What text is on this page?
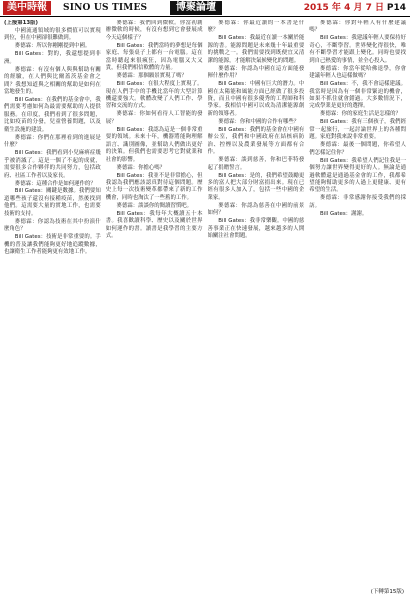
美中時報	SINO US TIMES	博聚論壇	2015 年 4 月 7 日 P14

(上接第13版)

中國流通領域的很多價值可以實現到位，但在中國卻很難做到。

麥德霖：所以你剛剛提到中國。

Bill Gates：對的，我還想提到非洲。

麥德霖：有沒有個人與與幫助有關的經驗，在人們與比爾蓋茨基金會之間？我想知道與之相關的幫助是如何在當地發生的。

Bill Gates：在我們的基金會中，我們需要考慮如何為最需要幫助的人提供服務。在印度，我們看到了很多問題，比如疫苗的分發，兒童營養問題，以及衛生設施的建設。

麥德霖：你們在那裡看到的進展是什麼？

Bill Gates：我們看到小兒麻痹症幾乎被消滅了。這是一個了不起的成就，需要很多合作夥伴的共同努力，包括政府、社區工作者以及家長。

麥德霖：這種合作是如何運作的？

Bill Gates：關鍵是數據。我們要知道哪些孩子還沒有接種疫苗，然後找到他們。這需要大量的實地工作，也需要技術的支持。

麥德霖：你認為技術在其中扮演什麼角色？

Bill Gates：技術是非常重要的。手機的普及讓我們能夠更好地追蹤數據，也讓衛生工作者能夠更有效地工作。

麥德霖：我們回到微軟。你當初創辦微軟的時候，有沒有想到它會發展成今天這個樣子？

Bill Gates：我們當時的夢想是每個家庭、每張桌子上都有一台電腦。這在當時聽起來很瘋狂，因為電腦又大又貴，但我們相信軟體的力量。

麥德霖：那個願景實現了嗎？

Bill Gates：在很大程度上實現了。現在人們手中的手機比當年的大型計算機還要強大。軟體改變了人們工作、學習和交流的方式。

麥德霖：你如何看待人工智能的發展？

Bill Gates：我認為這是一個非常重要的領域。未來十年，機器將能夠理解語言、識別圖像，並幫助人們做出更好的決策。但我們也需要思考它對就業和社會的影響。

麥德霖：你擔心嗎？

Bill Gates：我並不是非常擔心，但我認為我們應該認真對待這個問題。歷史上每一次技術變革都帶來了新的工作機會，同時也淘汰了一些舊的工作。

麥德霖：談談你的閱讀習慣吧。

Bill Gates：我每年大概讀五十本書。我喜歡讀科學、歷史以及關於世界如何運作的書。讀書是我學習的主要方式。

麥德霖：你最近讀的一本書是什麼？

Bill Gates：我最近在讀一本關於能源的書。能源問題是未來幾十年最重要的挑戰之一。我們需要找到既便宜又清潔的能源，才能解決氣候變化的問題。

麥德霖：你認為中國在這方面能發揮什麼作用？

Bill Gates：中國有巨大的潛力。中國在太陽能和風能方面已經做了很多投資，而且中國有很多優秀的工程師和科學家。我相信中國可以成為清潔能源創新的領導者。

麥德霖：你和中國的合作有哪些？

Bill Gates：我們的基金會在中國有辦公室，我們和中國政府在結核病防治、控煙以及農業發展等方面都有合作。

麥德霖：談到慈善，你和巴菲特發起了捐贈誓言。

Bill Gates：是的，我們希望鼓勵更多的富人把大部分財富捐出來。現在已經有很多人加入了，包括一些中國的企業家。

麥德霖：你認為慈善在中國的前景如何？

Bill Gates：我非常樂觀。中國的慈善事業正在快速發展，越來越多的人開始關注社會問題。

麥德霖：你對年輕人有什麼建議嗎？

Bill Gates：我建議年輕人要保持好奇心，不斷學習。世界變化得很快，唯有不斷學習才能跟上變化。同時也要找到自己熱愛的事情，並全心投入。

麥德霖：你當年從哈佛退學，你會建議年輕人也這樣做嗎？

Bill Gates：不，我不會這樣建議。我當時是因為有一個非常緊迫的機會，如果不抓住就會錯過。大多數情況下，完成學業是更好的選擇。

麥德霖：你的家庭生活是怎樣的？

Bill Gates：我有三個孩子，我們經常一起旅行，一起討論世界上的各種問題。家庭對我來說非常重要。

麥德霖：最後一個問題，你希望人們怎樣記住你？

Bill Gates：我希望人們記住我是一個努力讓世界變得更好的人。無論是通過軟體還是通過基金會的工作，我都希望能夠幫助更多的人過上更健康、更有希望的生活。

麥德霖：非常感謝你接受我們的採訪。

Bill Gates：謝謝。

(下轉第15版)
